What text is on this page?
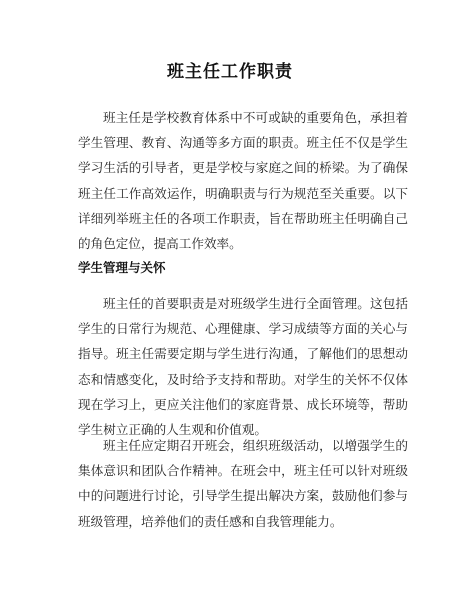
班主任工作职责

班主任是学校教育体系中不可或缺的重要角色，承担着学生管理、教育、沟通等多方面的职责。班主任不仅是学生学习生活的引导者，更是学校与家庭之间的桥梁。为了确保班主任工作高效运作，明确职责与行为规范至关重要。以下详细列举班主任的各项工作职责，旨在帮助班主任明确自己的角色定位，提高工作效率。

学生管理与关怀

班主任的首要职责是对班级学生进行全面管理。这包括学生的日常行为规范、心理健康、学习成绩等方面的关心与指导。班主任需要定期与学生进行沟通，了解他们的思想动态和情感变化，及时给予支持和帮助。对学生的关怀不仅体现在学习上，更应关注他们的家庭背景、成长环境等，帮助学生树立正确的人生观和价值观。

班主任应定期召开班会，组织班级活动，以增强学生的集体意识和团队合作精神。在班会中，班主任可以针对班级中的问题进行讨论，引导学生提出解决方案，鼓励他们参与班级管理，培养他们的责任感和自我管理能力。
